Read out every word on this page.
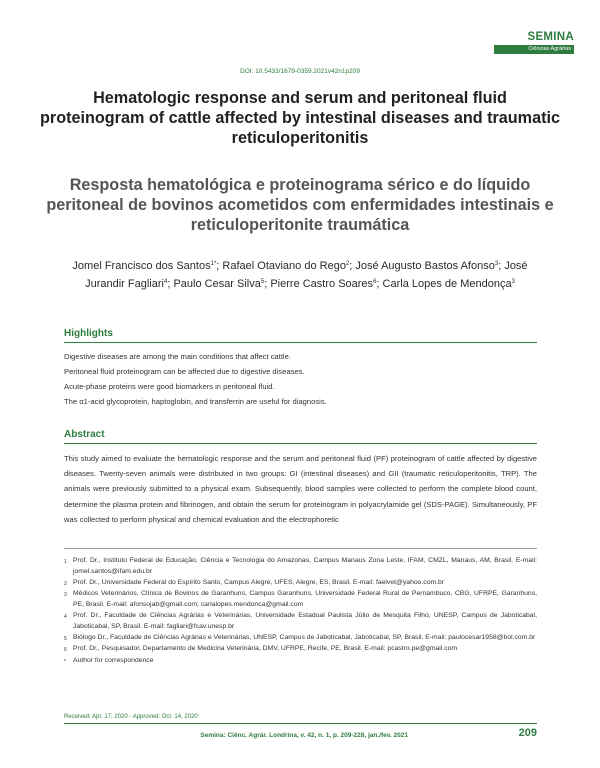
SEMINA
Ciências Agrárias
DOI: 10.5433/1679-0359.2021v42n1p209
Hematologic response and serum and peritoneal fluid proteinogram of cattle affected by intestinal diseases and traumatic reticuloperitonitis
Resposta hematológica e proteinograma sérico e do líquido peritoneal de bovinos acometidos com enfermidades intestinais e reticuloperitonite traumática

Jomel Francisco dos Santos$^{1*}$; Rafael Otaviano do Rego$^2$; José Augusto Bastos Afonso$^3$; José Jurandir Fagliari$^4$; Paulo Cesar Silva$^5$; Pierre Castro Soares$^6$; Carla Lopes de Mendonça$^3$

Highlights
Digestive diseases are among the main conditions that affect cattle.
Peritoneal fluid proteinogram can be affected due to digestive diseases.
Acute-phase proteins were good biomarkers in peritoneal fluid.
The α1-acid glycoprotein, haptoglobin, and transferrin are useful for diagnosis.
Abstract

This study aimed to evaluate the hematologic response and the serum and peritoneal fluid (PF) proteinogram of cattle affected by digestive diseases. Twenty-seven animals were distributed in two groups: GI (intestinal diseases) and GII (traumatic reticuloperitonitis, TRP). The animals were previously submitted to a physical exam. Subsequently, blood samples were collected to perform the complete blood count, determine the plasma protein and fibrinogen, and obtain the serum for proteinogram in polyacrylamide gel (SDS-PAGE). Simultaneously, PF was collected to perform physical and chemical evaluation and the electrophoretic

1 Prof. Dr., Instituto Federal de Educação, Ciência e Tecnologia do Amazonas, Campus Manaus Zona Leste, IFAM, CMZL, Manaus, AM, Brasil. E-mail: jomel.santos@ifam.edu.br
2 Prof. Dr., Universidade Federal do Espírito Santo, Campus Alegre, UFES, Alegre, ES, Brasil. E-mail: faelvet@yahoo.com.br
3 Médicos Veterinários, Clínica de Bovinos de Garanhuns, Campus Garanhuns, Universidade Federal Rural de Pernambuco, CBG, UFRPE, Garanhuns, PE, Brasil. E-mail: afonsojab@gmail.com; carlalopes.mendonca@gmail.com
4 Prof. Dr., Faculdade de Ciências Agrárias e Veterinárias, Universidade Estadual Paulista Júlio de Mesquita Filho, UNESP, Campus de Jaboticabal, Jaboticabal, SP, Brasil. E-mail: fagliari@fcav.unesp.br
5 Biólogo Dr., Faculdade de Ciências Agrárias e Veterinárias, UNESP, Campus de Jaboticabal, Jaboticabal, SP, Brasil. E-mail: paulocesar1958@bol.com.br
6 Prof. Dr., Pesquisador, Departamento de Medicina Veterinária, DMV, UFRPE, Recife, PE, Brasil. E-mail: pcastro.pe@gmail.com
*	Author for correspondence
Received: Apr. 17, 2020 - Approved: Oct. 14, 2020
Semina: Ciênc. Agrár. Londrina, v. 42, n. 1, p. 209-228, jan./fev. 2021	209
